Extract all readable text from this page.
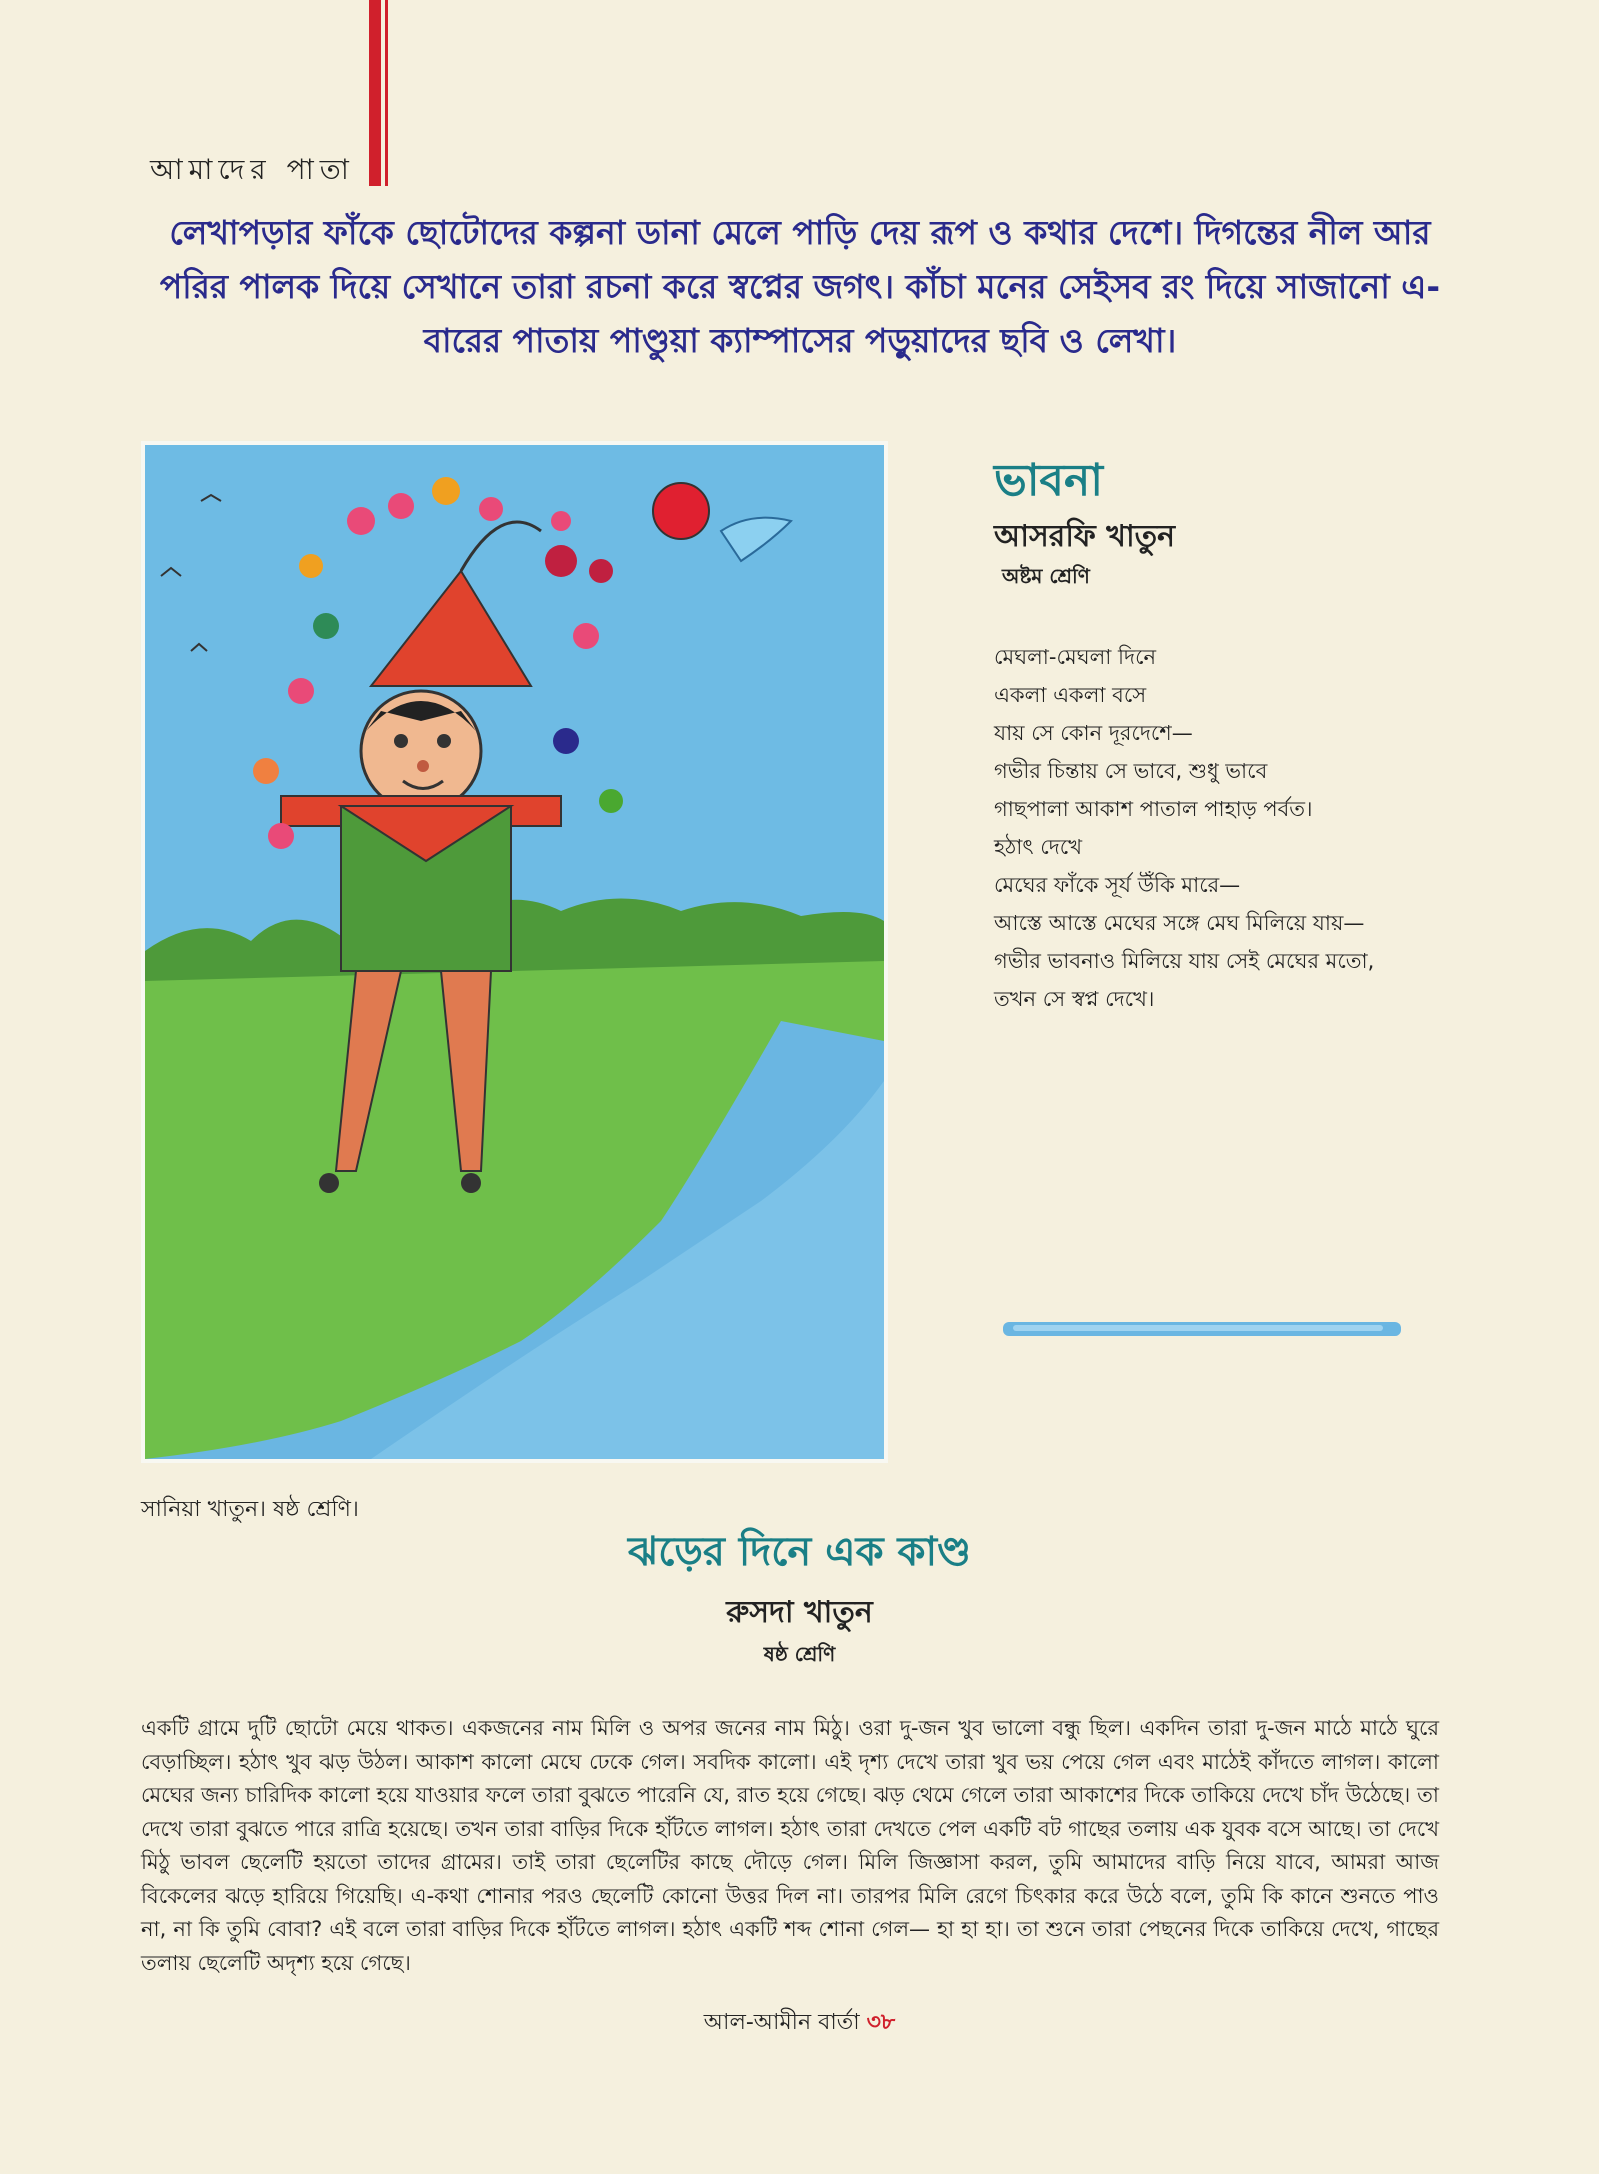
আমাদের পাতা
লেখাপড়ার ফাঁকে ছোটোদের কল্পনা ডানা মেলে পাড়ি দেয় রূপ ও কথার দেশে। দিগন্তের নীল আর পরির পালক দিয়ে সেখানে তারা রচনা করে স্বপ্নের জগৎ। কাঁচা মনের সেইসব রং দিয়ে সাজানো এ-বারের পাতায় পাণ্ডুয়া ক্যাম্পাসের পড়ুয়াদের ছবি ও লেখা।
সানিয়া খাতুন। ষষ্ঠ শ্রেণি।
ভাবনা
আসরফি খাতুন
অষ্টম শ্রেণি
মেঘলা-মেঘলা দিনে
একলা একলা বসে
যায় সে কোন দূরদেশে—
গভীর চিন্তায় সে ভাবে, শুধু ভাবে
গাছপালা আকাশ পাতাল পাহাড় পর্বত।
হঠাৎ দেখে
মেঘের ফাঁকে সূর্য উঁকি মারে—
আস্তে আস্তে মেঘের সঙ্গে মেঘ মিলিয়ে যায়—
গভীর ভাবনাও মিলিয়ে যায় সেই মেঘের মতো,
তখন সে স্বপ্ন দেখে।
ঝড়ের দিনে এক কাণ্ড
রুসদা খাতুন
ষষ্ঠ শ্রেণি
একটি গ্রামে দুটি ছোটো মেয়ে থাকত। একজনের নাম মিলি ও অপর জনের নাম মিঠু। ওরা দু-জন খুব ভালো বন্ধু ছিল। একদিন তারা দু-জন মাঠে মাঠে ঘুরে বেড়াচ্ছিল। হঠাৎ খুব ঝড় উঠল। আকাশ কালো মেঘে ঢেকে গেল। সবদিক কালো। এই দৃশ্য দেখে তারা খুব ভয় পেয়ে গেল এবং মাঠেই কাঁদতে লাগল। কালো মেঘের জন্য চারিদিক কালো হয়ে যাওয়ার ফলে তারা বুঝতে পারেনি যে, রাত হয়ে গেছে। ঝড় থেমে গেলে তারা আকাশের দিকে তাকিয়ে দেখে চাঁদ উঠেছে। তা দেখে তারা বুঝতে পারে রাত্রি হয়েছে। তখন তারা বাড়ির দিকে হাঁটতে লাগল। হঠাৎ তারা দেখতে পেল একটি বট গাছের তলায় এক যুবক বসে আছে। তা দেখে মিঠু ভাবল ছেলেটি হয়তো তাদের গ্রামের। তাই তারা ছেলেটির কাছে দৌড়ে গেল। মিলি জিজ্ঞাসা করল, তুমি আমাদের বাড়ি নিয়ে যাবে, আমরা আজ বিকেলের ঝড়ে হারিয়ে গিয়েছি। এ-কথা শোনার পরও ছেলেটি কোনো উত্তর দিল না। তারপর মিলি রেগে চিৎকার করে উঠে বলে, তুমি কি কানে শুনতে পাও না, না কি তুমি বোবা? এই বলে তারা বাড়ির দিকে হাঁটতে লাগল। হঠাৎ একটি শব্দ শোনা গেল— হা হা হা। তা শুনে তারা পেছনের দিকে তাকিয়ে দেখে, গাছের তলায় ছেলেটি অদৃশ্য হয়ে গেছে।
আল-আমীন বার্তা ৩৮
